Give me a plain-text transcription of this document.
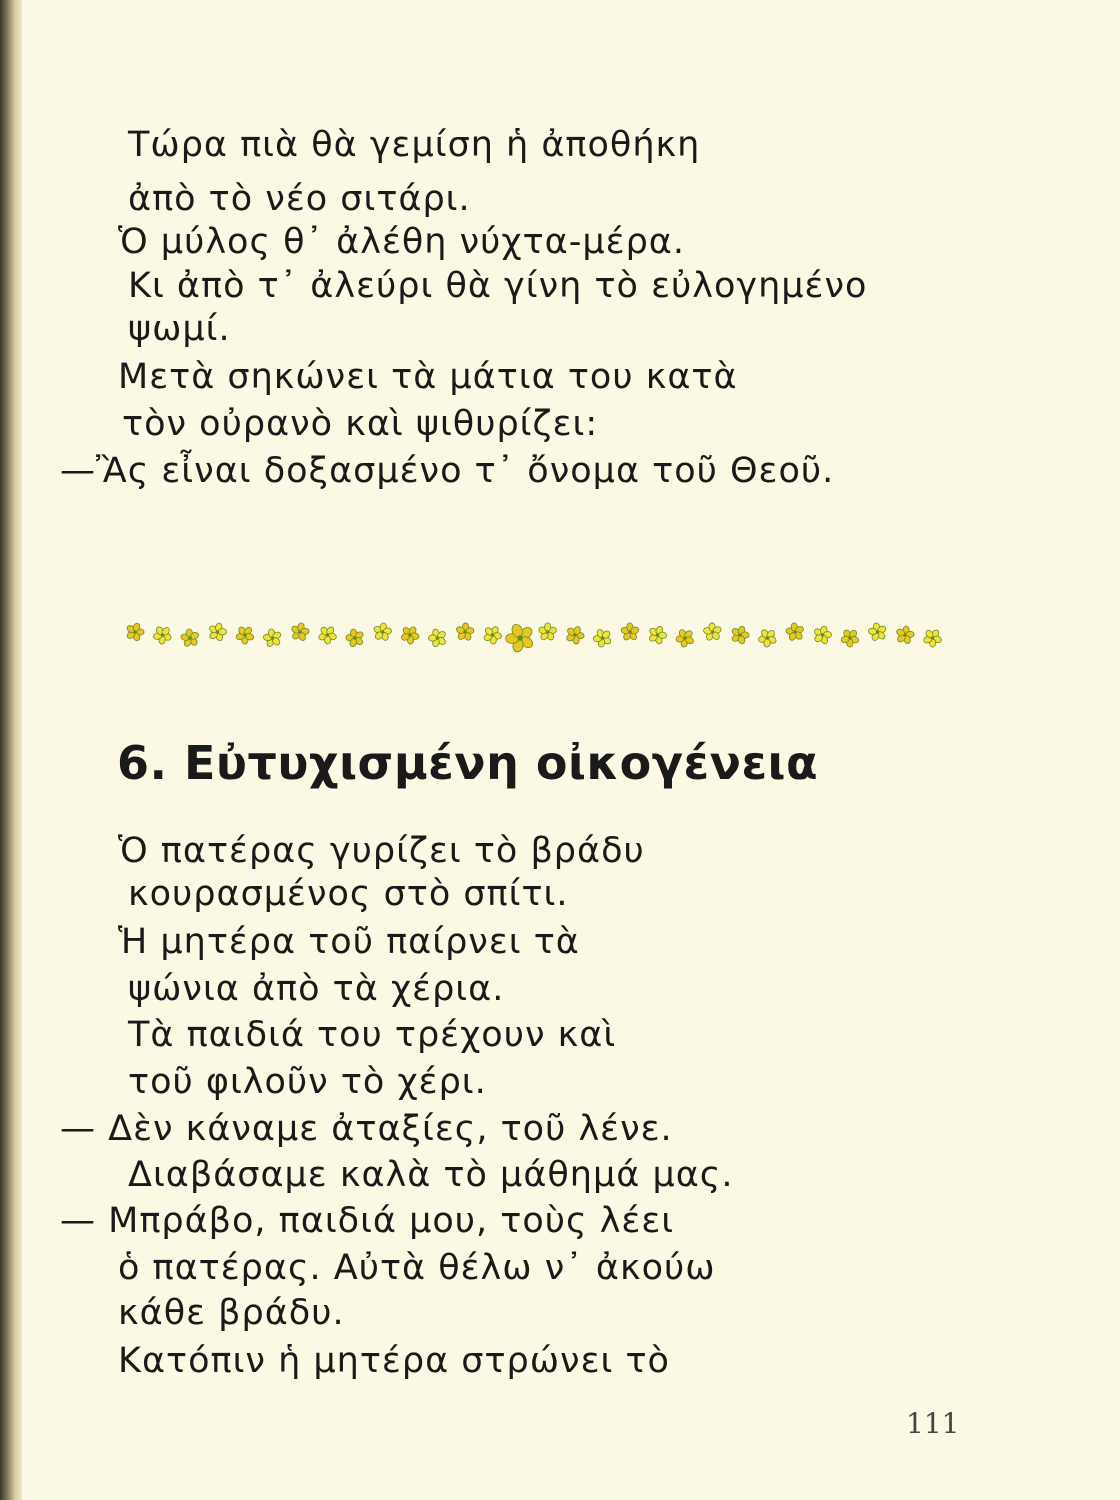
Τώρα πιὰ θὰ γεμίση ἡ ἀποθήκη
ἀπὸ τὸ νέο σιτάρι.
Ὁ μύλος θ᾿ ἀλέθη νύχτα-μέρα.
Κι ἀπὸ τ᾿ ἀλεύρι θὰ γίνη τὸ εὐλογημένο
ψωμί.
Μετὰ σηκώνει τὰ μάτια του κατὰ
τὸν οὐρανὸ καὶ ψιθυρίζει:
—Ἂς εἶναι δοξασμένο τ᾿ ὄνομα τοῦ Θεοῦ.
6. Εὐτυχισμένη οἰκογένεια
Ὁ πατέρας γυρίζει τὸ βράδυ
κουρασμένος στὸ σπίτι.
Ἡ μητέρα τοῦ παίρνει τὰ
ψώνια ἀπὸ τὰ χέρια.
Τὰ παιδιά του τρέχουν καὶ
τοῦ φιλοῦν τὸ χέρι.
— Δὲν κάναμε ἀταξίες, τοῦ λένε.
Διαβάσαμε καλὰ τὸ μάθημά μας.
— Μπράβο, παιδιά μου, τοὺς λέει
ὁ πατέρας. Αὐτὰ θέλω ν᾿ ἀκούω
κάθε βράδυ.
Κατόπιν ἡ μητέρα στρώνει τὸ
111
